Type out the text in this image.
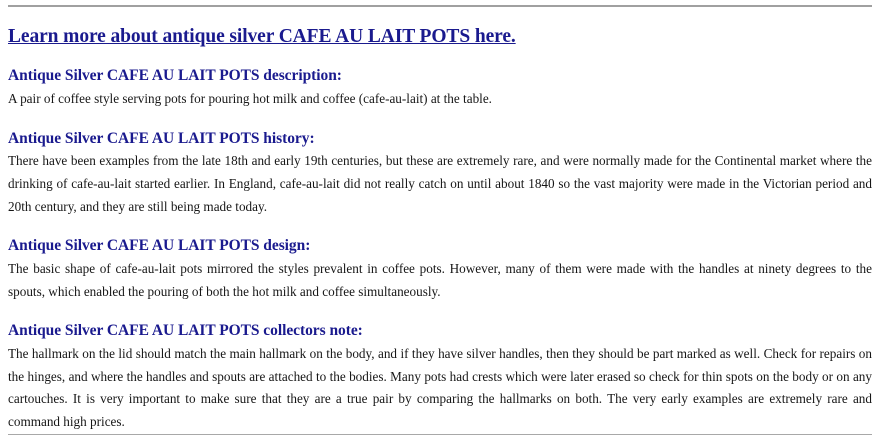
Learn more about antique silver CAFE AU LAIT POTS here.
Antique Silver CAFE AU LAIT POTS description:

A pair of coffee style serving pots for pouring hot milk and coffee (cafe-au-lait) at the table.

Antique Silver CAFE AU LAIT POTS history:

There have been examples from the late 18th and early 19th centuries, but these are extremely rare, and were normally made for the Continental market where the drinking of cafe-au-lait started earlier. In England, cafe-au-lait did not really catch on until about 1840 so the vast majority were made in the Victorian period and 20th century, and they are still being made today.

Antique Silver CAFE AU LAIT POTS design:

The basic shape of cafe-au-lait pots mirrored the styles prevalent in coffee pots. However, many of them were made with the handles at ninety degrees to the spouts, which enabled the pouring of both the hot milk and coffee simultaneously.

Antique Silver CAFE AU LAIT POTS collectors note:

The hallmark on the lid should match the main hallmark on the body, and if they have silver handles, then they should be part marked as well. Check for repairs on the hinges, and where the handles and spouts are attached to the bodies. Many pots had crests which were later erased so check for thin spots on the body or on any cartouches. It is very important to make sure that they are a true pair by comparing the hallmarks on both. The very early examples are extremely rare and command high prices.
